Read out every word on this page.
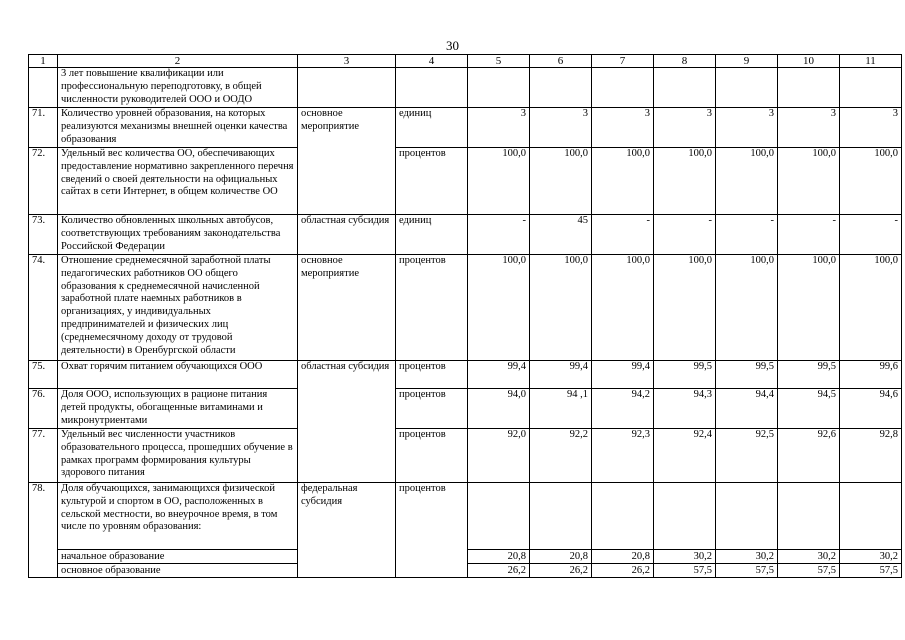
30
1	2	3	4	5	6	7	8	9	10	11
	3 лет повышение квалификации или профессиональную переподготовку, в общей численности руководителей ООО и ООДО									
71.	Количество уровней образования, на которых реализуются механизмы внешней оценки качества образования	основное мероприятие	единиц	3	3	3	3	3	3	3
72.	Удельный вес количества ОО, обеспечивающих предоставление нормативно закрепленного перечня сведений о своей деятельности на официальных сайтах в сети Интернет, в общем количестве ОО		процентов	100,0	100,0	100,0	100,0	100,0	100,0	100,0
73.	Количество обновленных школьных автобусов, соответствующих требованиям законодательства Российской Федерации	областная субсидия	единиц	-	45	-	-	-	-	-
74.	Отношение среднемесячной заработной платы педагогических работников ОО общего образования к среднемесячной начисленной заработной плате наемных работников в организациях, у индивидуальных предпринимателей и физических лиц (среднемесячному доходу от трудовой деятельности) в Оренбургской области	основное мероприятие	процентов	100,0	100,0	100,0	100,0	100,0	100,0	100,0
75.	Охват горячим питанием обучающихся ООО	областная субсидия	процентов	99,4	99,4	99,4	99,5	99,5	99,5	99,6
76.	Доля ООО, использующих в рационе питания детей продукты, обогащенные витаминами и микронутриентами		процентов	94,0	94 ,1	94,2	94,3	94,4	94,5	94,6
77.	Удельный вес численности участников образовательного процесса, прошедших обучение в рамках программ формирования культуры здорового питания		процентов	92,0	92,2	92,3	92,4	92,5	92,6	92,8
78.	Доля обучающихся, занимающихся физической культурой и спортом в ОО, расположенных в сельской местности, во внеурочное время, в том числе по уровням образования:	федеральная субсидия	процентов							
	начальное образование			20,8	20,8	20,8	30,2	30,2	30,2	30,2
	основное образование			26,2	26,2	26,2	57,5	57,5	57,5	57,5
